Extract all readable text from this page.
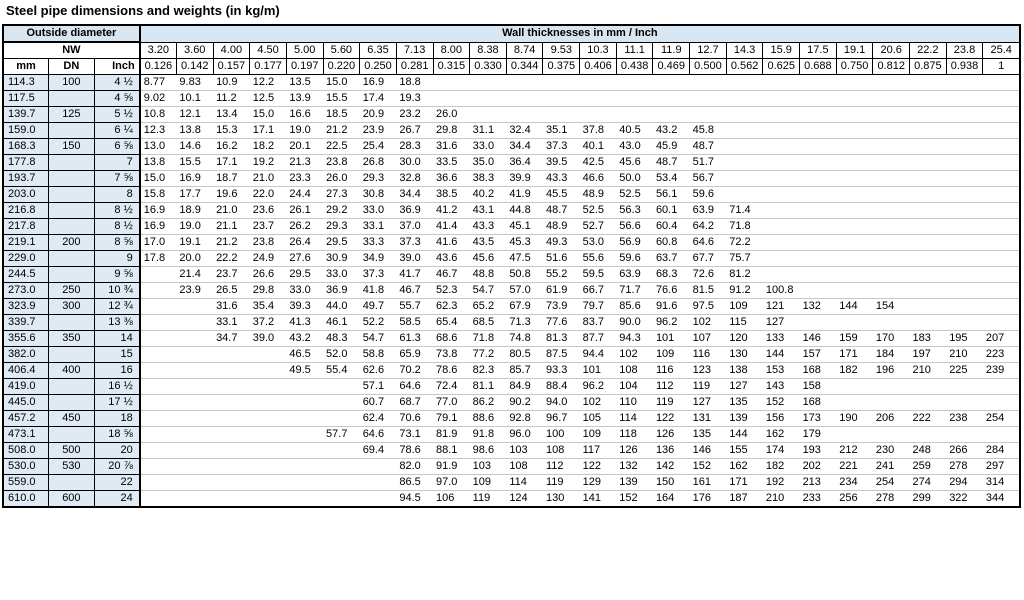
Steel pipe dimensions and weights (in kg/m)
Outside diameter			Wall thicknesses in mm / Inch																							
NW			3.20	3.60	4.00	4.50	5.00	5.60	6.35	7.13	8.00	8.38	8.74	9.53	10.3	11.1	11.9	12.7	14.3	15.9	17.5	19.1	20.6	22.2	23.8	25.4
mm	DN	Inch	0.126	0.142	0.157	0.177	0.197	0.220	0.250	0.281	0.315	0.330	0.344	0.375	0.406	0.438	0.469	0.500	0.562	0.625	0.688	0.750	0.812	0.875	0.938	1
114.3	100	4 ½	8.77	9.83	10.9	12.2	13.5	15.0	16.9	18.8																
117.5		4 ⅝	9.02	10.1	11.2	12.5	13.9	15.5	17.4	19.3																
139.7	125	5 ½	10.8	12.1	13.4	15.0	16.6	18.5	20.9	23.2	26.0															
159.0		6 ¼	12.3	13.8	15.3	17.1	19.0	21.2	23.9	26.7	29.8	31.1	32.4	35.1	37.8	40.5	43.2	45.8								
168.3	150	6 ⅝	13.0	14.6	16.2	18.2	20.1	22.5	25.4	28.3	31.6	33.0	34.4	37.3	40.1	43.0	45.9	48.7								
177.8		7	13.8	15.5	17.1	19.2	21.3	23.8	26.8	30.0	33.5	35.0	36.4	39.5	42.5	45.6	48.7	51.7								
193.7		7 ⅝	15.0	16.9	18.7	21.0	23.3	26.0	29.3	32.8	36.6	38.3	39.9	43.3	46.6	50.0	53.4	56.7								
203.0		8	15.8	17.7	19.6	22.0	24.4	27.3	30.8	34.4	38.5	40.2	41.9	45.5	48.9	52.5	56.1	59.6								
216.8		8 ½	16.9	18.9	21.0	23.6	26.1	29.2	33.0	36.9	41.2	43.1	44.8	48.7	52.5	56.3	60.1	63.9	71.4							
217.8		8 ½	16.9	19.0	21.1	23.7	26.2	29.3	33.1	37.0	41.4	43.3	45.1	48.9	52.7	56.6	60.4	64.2	71.8							
219.1	200	8 ⅝	17.0	19.1	21.2	23.8	26.4	29.5	33.3	37.3	41.6	43.5	45.3	49.3	53.0	56.9	60.8	64.6	72.2							
229.0		9	17.8	20.0	22.2	24.9	27.6	30.9	34.9	39.0	43.6	45.6	47.5	51.6	55.6	59.6	63.7	67.7	75.7							
244.5		9 ⅝		21.4	23.7	26.6	29.5	33.0	37.3	41.7	46.7	48.8	50.8	55.2	59.5	63.9	68.3	72.6	81.2							
273.0	250	10 ¾		23.9	26.5	29.8	33.0	36.9	41.8	46.7	52.3	54.7	57.0	61.9	66.7	71.7	76.6	81.5	91.2	100.8						
323.9	300	12 ¾			31.6	35.4	39.3	44.0	49.7	55.7	62.3	65.2	67.9	73.9	79.7	85.6	91.6	97.5	109	121	132	144	154			
339.7		13 ⅜			33.1	37.2	41.3	46.1	52.2	58.5	65.4	68.5	71.3	77.6	83.7	90.0	96.2	102	115	127						
355.6	350	14			34.7	39.0	43.2	48.3	54.7	61.3	68.6	71.8	74.8	81.3	87.7	94.3	101	107	120	133	146	159	170	183	195	207
382.0		15					46.5	52.0	58.8	65.9	73.8	77.2	80.5	87.5	94.4	102	109	116	130	144	157	171	184	197	210	223
406.4	400	16					49.5	55.4	62.6	70.2	78.6	82.3	85.7	93.3	101	108	116	123	138	153	168	182	196	210	225	239
419.0		16 ½							57.1	64.6	72.4	81.1	84.9	88.4	96.2	104	112	119	127	143	158					
445.0		17 ½							60.7	68.7	77.0	86.2	90.2	94.0	102	110	119	127	135	152	168					
457.2	450	18							62.4	70.6	79.1	88.6	92.8	96.7	105	114	122	131	139	156	173	190	206	222	238	254
473.1		18 ⅝						57.7	64.6	73.1	81.9	91.8	96.0	100	109	118	126	135	144	162	179					
508.0	500	20							69.4	78.6	88.1	98.6	103	108	117	126	136	146	155	174	193	212	230	248	266	284
530.0	530	20 ⅞								82.0	91.9	103	108	112	122	132	142	152	162	182	202	221	241	259	278	297
559.0		22								86.5	97.0	109	114	119	129	139	150	161	171	192	213	234	254	274	294	314
610.0	600	24								94.5	106	119	124	130	141	152	164	176	187	210	233	256	278	299	322	344
